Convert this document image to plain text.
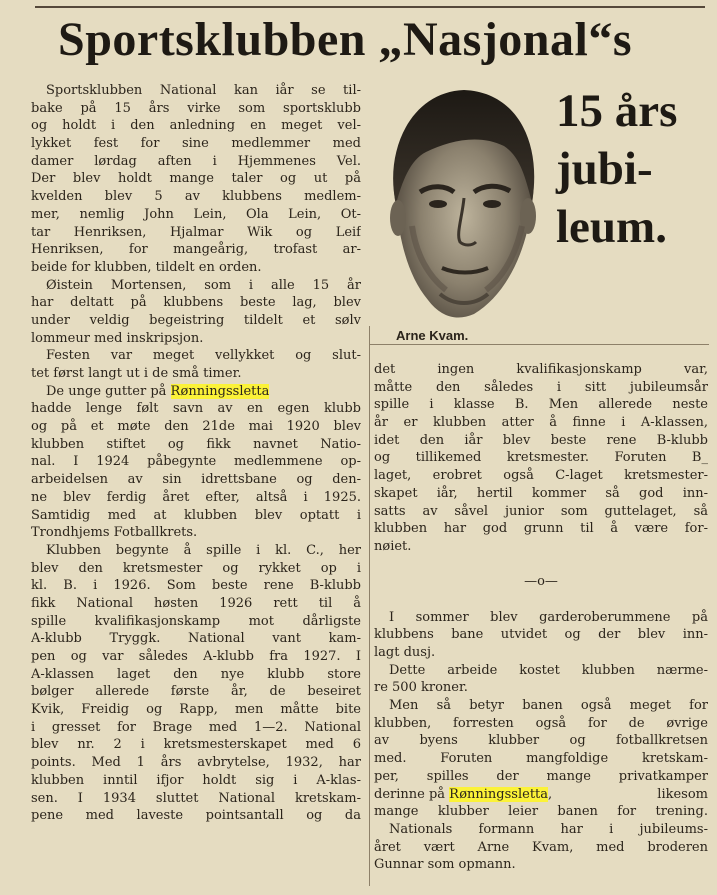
Sportsklubben „Nasjonal“s
15 års
jubi-
leum.
Arne Kvam.
Sportsklubben National kan iår se til-
bake på 15 års virke som sportsklubb
og holdt i den anledning en meget vel-
lykket fest for sine medlemmer med
damer lørdag aften i Hjemmenes Vel.
Der blev holdt mange taler og ut på
kvelden blev 5 av klubbens medlem-
mer, nemlig John Lein, Ola Lein, Ot-
tar Henriksen, Hjalmar Wik og Leif
Henriksen, for mangeårig, trofast ar-
beide for klubben, tildelt en orden.
Øistein Mortensen, som i alle 15 år
har deltatt på klubbens beste lag, blev
under veldig begeistring tildelt et sølv
lommeur med inskripsjon.
Festen var meget vellykket og slut-
tet først langt ut i de små timer.
De unge gutter på Rønningssletta
hadde lenge følt savn av en egen klubb
og på et møte den 21de mai 1920 blev
klubben stiftet og fikk navnet Natio-
nal. I 1924 påbegynte medlemmene op-
arbeidelsen av sin idrettsbane og den-
ne blev ferdig året efter, altså i 1925.
Samtidig med at klubben blev optatt i
Trondhjems Fotballkrets.
Klubben begynte å spille i kl. C., her
blev den kretsmester og rykket op i
kl. B. i 1926. Som beste rene B-klubb
fikk National høsten 1926 rett til å
spille kvalifikasjonskamp mot dårligste
A-klubb Tryggk. National vant kam-
pen og var således A-klubb fra 1927. I
A-klassen laget den nye klubb store
bølger allerede første år, de beseiret
Kvik, Freidig og Rapp, men måtte bite
i gresset for Brage med 1—2. National
blev nr. 2 i kretsmesterskapet med 6
points. Med 1 års avbrytelse, 1932, har
klubben inntil ifjor holdt sig i A-klas-
sen. I 1934 sluttet National kretskam-
pene med laveste pointsantall og da
det ingen kvalifikasjonskamp var,
måtte den således i sitt jubileumsår
spille i klasse B. Men allerede neste
år er klubben atter å finne i A-klassen,
idet den iår blev beste rene B-klubb
og tillikemed kretsmester. Foruten B_
laget, erobret også C-laget kretsmester-
skapet iår, hertil kommer så god inn-
satts av såvel junior som guttelaget, så
klubben har god grunn til å være for-
nøiet.
—o—
I sommer blev garderoberummene på
klubbens bane utvidet og der blev inn-
lagt dusj.
Dette arbeide kostet klubben nærme-
re 500 kroner.
Men så betyr banen også meget for
klubben, forresten også for de øvrige
av byens klubber og fotballkretsen
med. Foruten mangfoldige kretskam-
per, spilles der mange privatkamper
derinne på Rønningssletta,	likesom
mange klubber leier banen for trening.
Nationals formann har i jubileums-
året vært Arne Kvam, med broderen
Gunnar som opmann.
